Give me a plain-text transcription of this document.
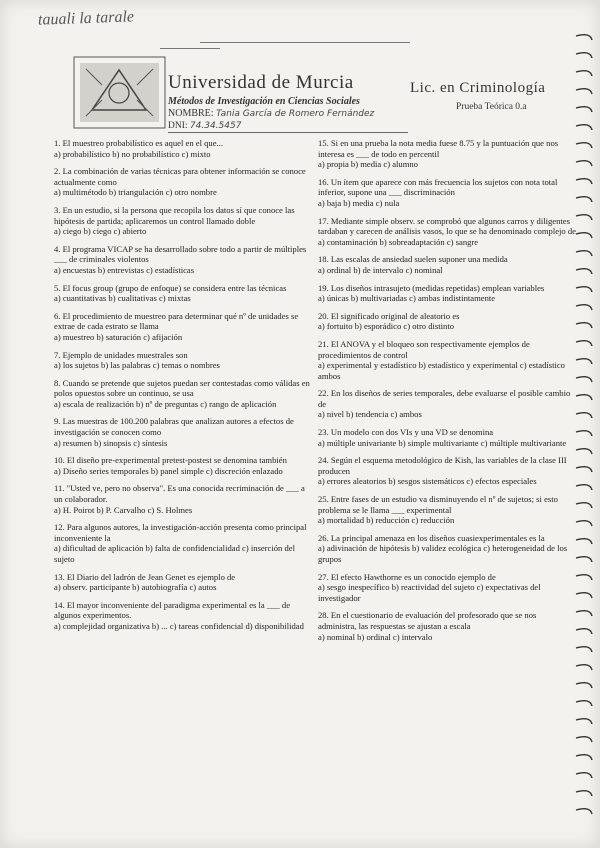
tauali la tarale
Universidad de Murcia	Lic. en Criminología
Métodos de Investigación en Ciencias Sociales	Prueba Teórica 0.a
NOMBRE: Tania García de Romero Fernández
DNI: 74.34.5457
1. El muestreo probabilístico es aquel en el que...
a) probabilístico b) no probabilístico c) mixto
2. La combinación de varias técnicas para obtener información se conoce actualmente como
a) multimétodo b) triangulación c) otro nombre
3. En un estudio, si la persona que recopila los datos sí que conoce las hipótesis de partida; aplicaremos un control llamado doble
a) ciego b) ciego c) abierto
4. El programa VICAP se ha desarrollado sobre todo a partir de múltiples ___ de criminales violentos
a) encuestas b) entrevistas c) estadísticas
5. El focus group (grupo de enfoque) se considera entre las técnicas
a) cuantitativas b) cualitativas c) mixtas
6. El procedimiento de muestreo para determinar qué nº de unidades se extrae de cada estrato se llama
a) muestreo b) saturación c) afijación
7. Ejemplo de unidades muestrales son
a) los sujetos b) las palabras c) temas o nombres
8. Cuando se pretende que sujetos puedan ser contestadas como válidas en polos opuestos sobre un continuo, se usa
a) escala de realización b) nº de preguntas c) rango de aplicación
9. Las muestras de 100.200 palabras que analizan autores a efectos de investigación se conocen como
a) resumen b) sinopsis c) síntesis
10. El diseño pre-experimental pretest-postest se denomina también
a) Diseño series temporales b) panel simple c) discreción enlazado
11. "Usted ve, pero no observa". Es una conocida recriminación de ___ a un colaborador.
a) H. Poirot b) P. Carvalho c) S. Holmes
12. Para algunos autores, la investigación-acción presenta como principal inconveniente la
a) dificultad de aplicación b) falta de confidencialidad c) inserción del sujeto
13. El Diario del ladrón de Jean Genet es ejemplo de
a) observ. participante b) autobiografía c) autos
14. El mayor inconveniente del paradigma experimental es la ___ de algunos experimentos.
a) complejidad organizativa b) ... c) tareas confidencial d) disponibilidad
15. Si en una prueba la nota media fuese 8.75 y la puntuación que nos interesa es ___ de todo en percentil
a) propia b) media c) alumno
16. Un ítem que aparece con más frecuencia los sujetos con nota total inferior, supone una ___ discriminación
a) baja b) media c) nula
17. Mediante simple observ. se comprobó que algunos carros y diligentes tardaban y carecen de análisis vasos, lo que se ha denominado complejo de
a) contaminación b) sobreadaptación c) sangre
18. Las escalas de ansiedad suelen suponer una medida
a) ordinal b) de intervalo c) nominal
19. Los diseños intrasujeto (medidas repetidas) emplean variables
a) únicas b) multivariadas c) ambas indistintamente
20. El significado original de aleatorio es
a) fortuito b) esporádico c) otro distinto
21. El ANOVA y el bloqueo son respectivamente ejemplos de procedimientos de control
a) experimental y estadístico b) estadístico y experimental c) estadístico ambos
22. En los diseños de series temporales, debe evaluarse el posible cambio de
a) nivel b) tendencia c) ambos
23. Un modelo con dos VIs y una VD se denomina
a) múltiple univariante b) simple multivariante c) múltiple multivariante
24. Según el esquema metodológico de Kish, las variables de la clase III producen
a) errores aleatorios b) sesgos sistemáticos c) efectos especiales
25. Entre fases de un estudio va disminuyendo el nº de sujetos; si esto problema se le llama ___ experimental
a) mortalidad b) reducción c) reducción
26. La principal amenaza en los diseños cuasiexperimentales es la
a) adivinación de hipótesis b) validez ecológica c) heterogeneidad de los grupos
27. El efecto Hawthorne es un conocido ejemplo de
a) sesgo inespecífico b) reactividad del sujeto c) expectativas del investigador
28. En el cuestionario de evaluación del profesorado que se nos administra, las respuestas se ajustan a escala
a) nominal b) ordinal c) intervalo
